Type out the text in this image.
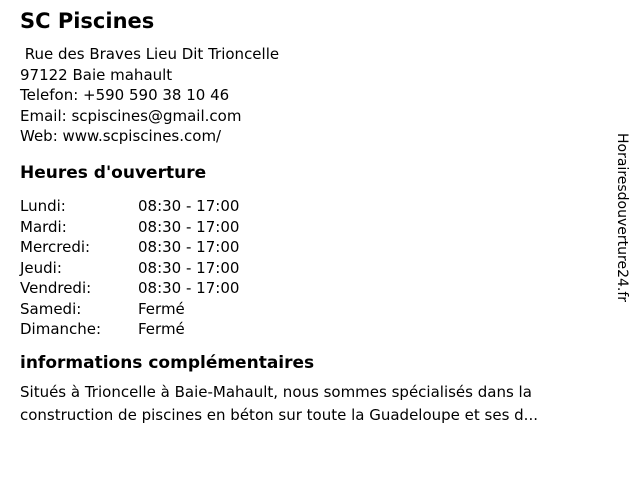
SC Piscines
Rue des Braves Lieu Dit Trioncelle
97122 Baie mahault
Telefon: +590 590 38 10 46
Email: scpiscines@gmail.com
Web: www.scpiscines.com/
Heures d'ouverture
Lundi:	08:30 - 17:00
Mardi:	08:30 - 17:00
Mercredi:	08:30 - 17:00
Jeudi:	08:30 - 17:00
Vendredi:	08:30 - 17:00
Samedi:	Fermé
Dimanche:	Fermé
informations complémentaires

Situés à Trioncelle à Baie-Mahault, nous sommes spécialisés dans la construction de piscines en béton sur toute la Guadeloupe et ses d...

Horairesdouverture24.fr
